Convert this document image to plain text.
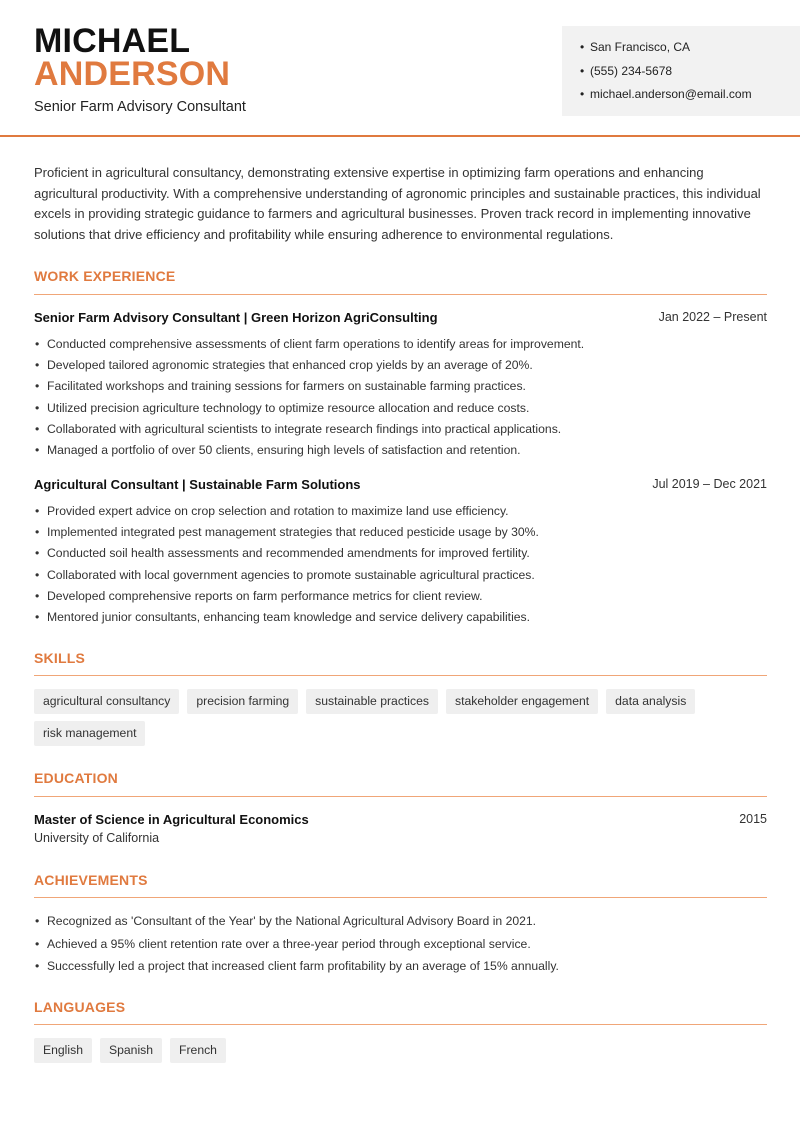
MICHAEL
ANDERSON
Senior Farm Advisory Consultant
• San Francisco, CA
• (555) 234-5678
• michael.anderson@email.com
Proficient in agricultural consultancy, demonstrating extensive expertise in optimizing farm operations and enhancing agricultural productivity. With a comprehensive understanding of agronomic principles and sustainable practices, this individual excels in providing strategic guidance to farmers and agricultural businesses. Proven track record in implementing innovative solutions that drive efficiency and profitability while ensuring adherence to environmental regulations.
WORK EXPERIENCE
Senior Farm Advisory Consultant | Green Horizon AgriConsulting	Jan 2022 – Present
• Conducted comprehensive assessments of client farm operations to identify areas for improvement.
• Developed tailored agronomic strategies that enhanced crop yields by an average of 20%.
• Facilitated workshops and training sessions for farmers on sustainable farming practices.
• Utilized precision agriculture technology to optimize resource allocation and reduce costs.
• Collaborated with agricultural scientists to integrate research findings into practical applications.
• Managed a portfolio of over 50 clients, ensuring high levels of satisfaction and retention.
Agricultural Consultant | Sustainable Farm Solutions	Jul 2019 – Dec 2021
• Provided expert advice on crop selection and rotation to maximize land use efficiency.
• Implemented integrated pest management strategies that reduced pesticide usage by 30%.
• Conducted soil health assessments and recommended amendments for improved fertility.
• Collaborated with local government agencies to promote sustainable agricultural practices.
• Developed comprehensive reports on farm performance metrics for client review.
• Mentored junior consultants, enhancing team knowledge and service delivery capabilities.
SKILLS
agricultural consultancy	precision farming	sustainable practices	stakeholder engagement	data analysis
risk management
EDUCATION
Master of Science in Agricultural Economics	2015
University of California
ACHIEVEMENTS
• Recognized as 'Consultant of the Year' by the National Agricultural Advisory Board in 2021.
• Achieved a 95% client retention rate over a three-year period through exceptional service.
• Successfully led a project that increased client farm profitability by an average of 15% annually.
LANGUAGES
English	Spanish	French
